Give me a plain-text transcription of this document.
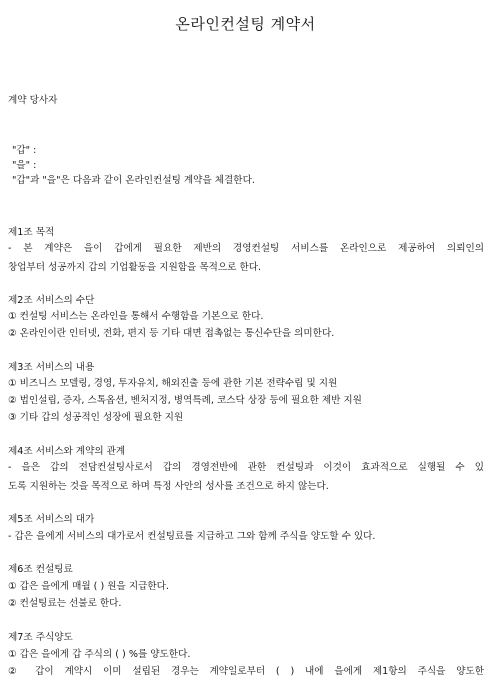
온라인컨설팅 계약서
계약 당사자
"갑" :
"을" :
"갑"과 "을"은 다음과 같이 온라인컨설팅 계약을 체결한다.
제1조 목적
- 본 계약은 을이 갑에게 필요한 제반의 경영컨설팅 서비스를 온라인으로 제공하여 의뢰인의
창업부터 성공까지 갑의 기업활동을 지원함을 목적으로 한다.
제2조 서비스의 수단
① 컨설팅 서비스는 온라인을 통해서 수행함을 기본으로 한다.
② 온라인이란 인터넷, 전화, 편지 등 기타 대면 접촉없는 통신수단을 의미한다.
제3조 서비스의 내용
① 비즈니스 모델링, 경영, 투자유치, 해외진출 등에 관한 기본 전략수립 및 지원
② 법인설립, 증자, 스톡옵션, 벤처지정, 병역특례, 코스닥 상장 등에 필요한 제반 지원
③ 기타 갑의 성공적인 성장에 필요한 지원
제4조 서비스와 계약의 관계
- 을은 갑의 전담컨설팅사로서 갑의 경영전반에 관한 컨설팅과 이것이 효과적으로 실행될 수 있
도록 지원하는 것을 목적으로 하며 특정 사안의 성사를 조건으로 하지 않는다.
제5조 서비스의 대가
- 갑은 을에게 서비스의 대가로서 컨설팅료를 지급하고 그와 함께 주식을 양도할 수 있다.
제6조 컨설팅료
① 갑은 을에게 매월 ( ) 원을 지급한다.
② 컨설팅료는 선불로 한다.
제7조 주식양도
① 갑은 을에게 갑 주식의 ( ) %를 양도한다.
② 갑이 계약시 이미 설립된 경우는 계약일로부터 ( ) 내에 을에게 제1항의 주식을 양도한
